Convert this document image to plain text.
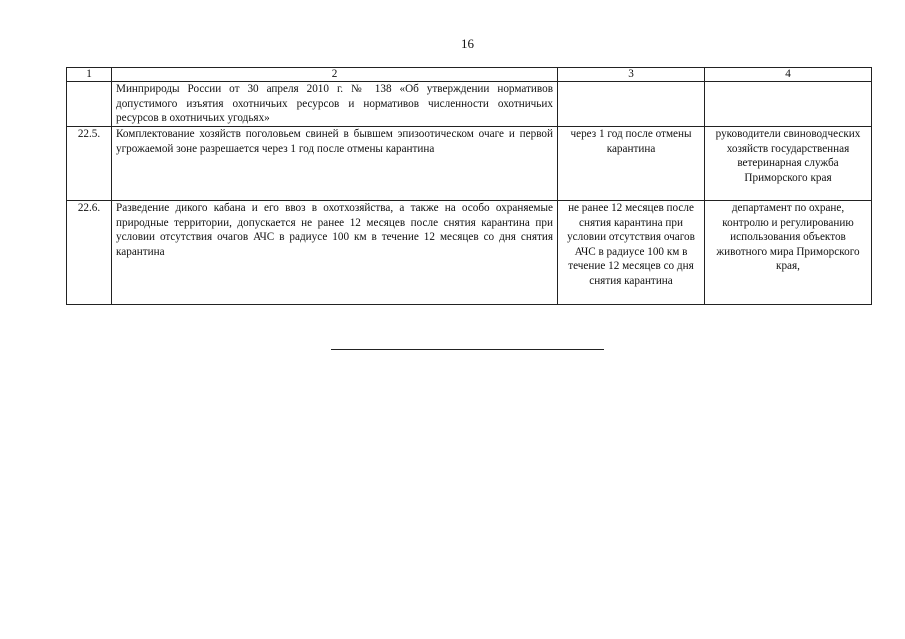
16
1	2	3	4
	Минприроды России от 30 апреля 2010 г. № 138 «Об утверждении нормативов допустимого изъятия охотничьих ресурсов и нормативов численности охотничьих ресурсов в охотничьих угодьях»		
22.5.	Комплектование хозяйств поголовьем свиней в бывшем эпизоотическом очаге и первой угрожаемой зоне разрешается через 1 год после отмены карантина	через 1 год после отмены карантина	руководители свиноводческих хозяйств государственная ветеринарная служба Приморского края
22.6.	Разведение дикого кабана и его ввоз в охотхозяйства, а также на особо охраняемые природные территории, допускается не ранее 12 месяцев после снятия карантина при условии отсутствия очагов АЧС в радиусе 100 км в течение 12 месяцев со дня снятия карантина	не ранее 12 месяцев после снятия карантина при условии отсутствия очагов АЧС в радиусе 100 км в течение 12 месяцев со дня снятия карантина	департамент по охране, контролю и регулированию использования объектов животного мира Приморского края,
